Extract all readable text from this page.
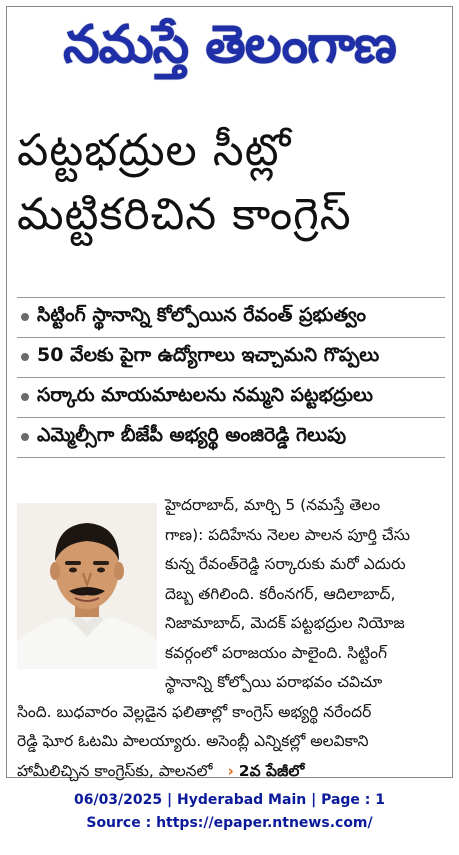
నమస్తే తెలంగాణ
పట్టభద్రుల సీట్లో
మట్టికరిచిన కాంగ్రెస్
సిట్టింగ్ స్థానాన్ని కోల్పోయిన రేవంత్ ప్రభుత్వం
50 వేలకు పైగా ఉద్యోగాలు ఇచ్చామని గొప్పలు
సర్కారు మాయమాటలను నమ్మని పట్టభద్రులు
ఎమ్మెల్సీగా బీజేపీ అభ్యర్థి అంజిరెడ్డి గెలుపు
హైదరాబాద్, మార్చి 5 (నమస్తే తెలం
గాణ): పదిహేను నెలల పాలన పూర్తి చేసు
కున్న రేవంత్‌రెడ్డి సర్కారుకు మరో ఎదురు
దెబ్బ తగిలింది. కరీంనగర్, ఆదిలాబాద్,
నిజామాబాద్, మెదక్ పట్టభద్రుల నియోజ
కవర్గంలో పరాజయం పాలైంది. సిట్టింగ్
స్థానాన్ని కోల్పోయి పరాభవం చవిచూ
సింది. బుధవారం వెల్లడైన ఫలితాల్లో కాంగ్రెస్ అభ్యర్థి నరేందర్
రెడ్డి ఘోర ఓటమి పాలయ్యారు. అసెంబ్లీ ఎన్నికల్లో అలవికాని
హామీలిచ్చిన కాంగ్రెస్‌కు, పాలనలో › 2వ పేజీలో
06/03/2025 | Hyderabad Main | Page : 1
Source : https://epaper.ntnews.com/
